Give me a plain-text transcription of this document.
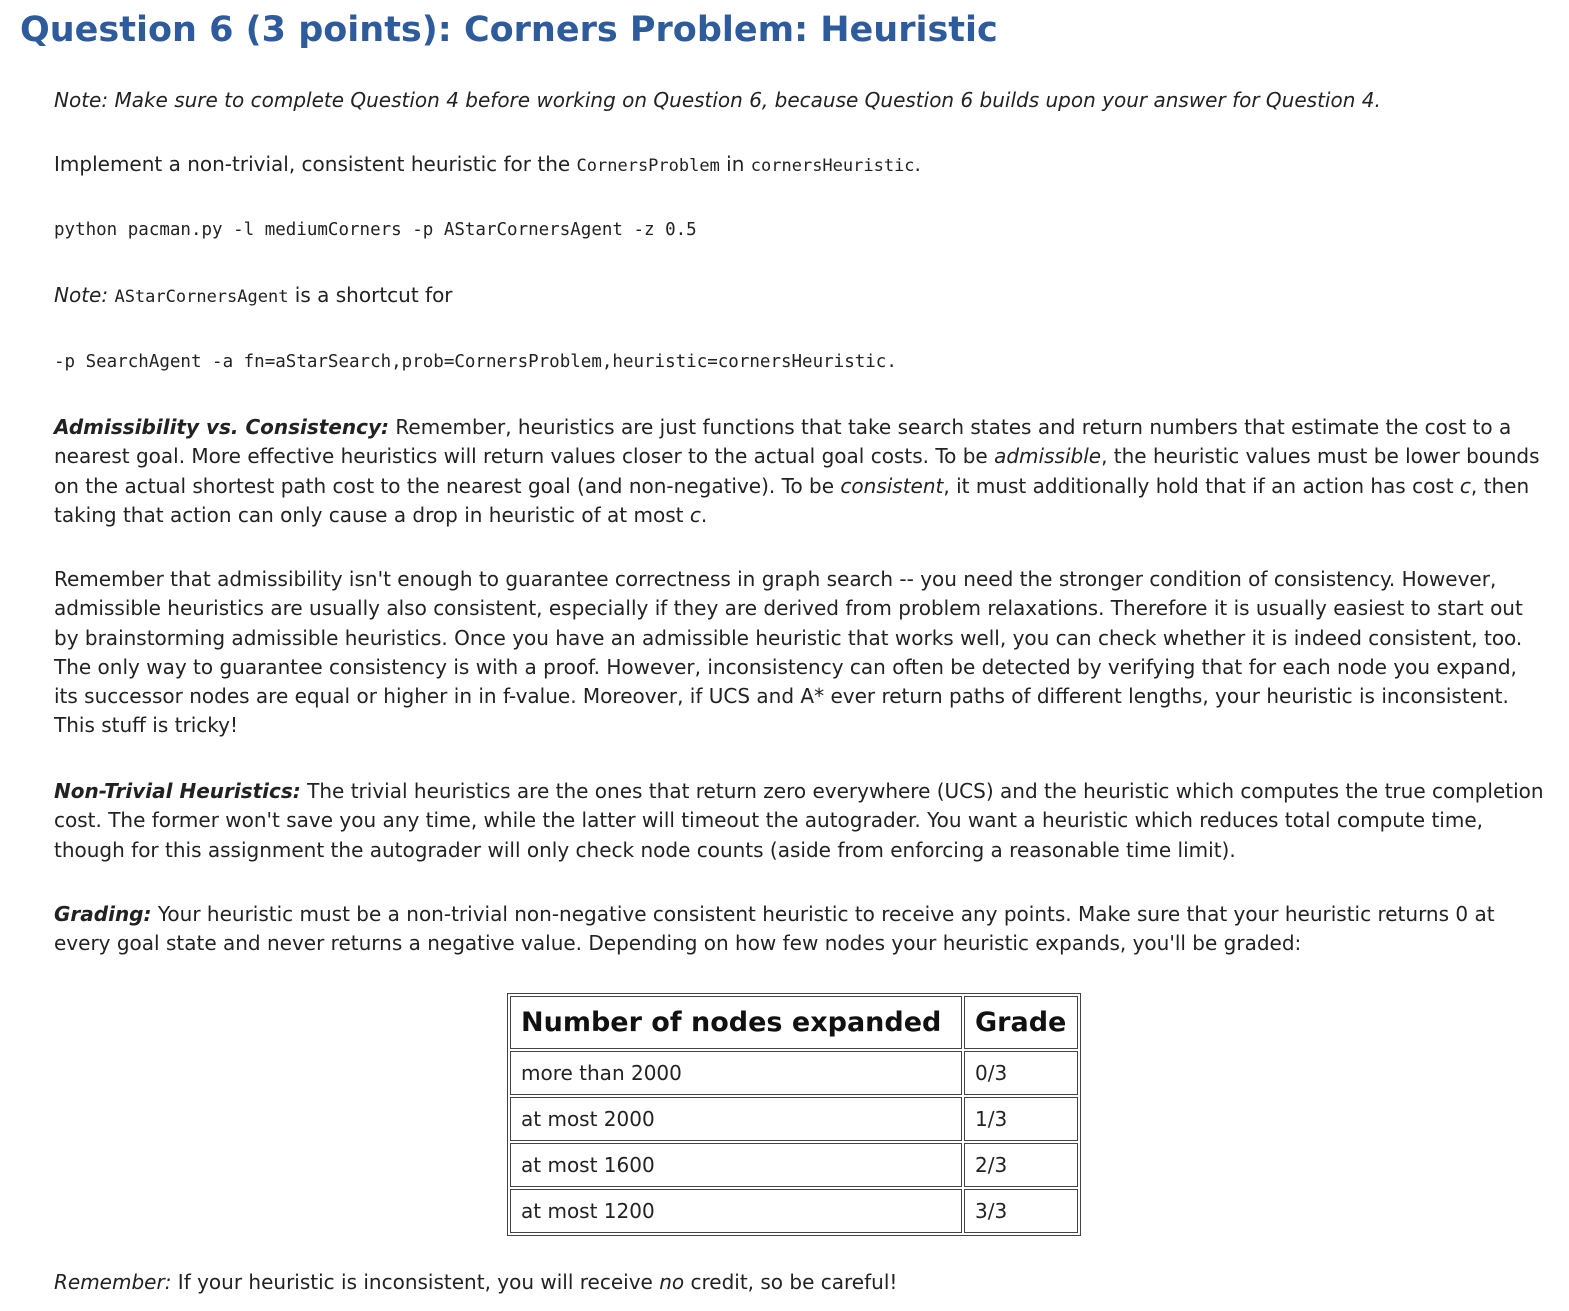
Question 6 (3 points): Corners Problem: Heuristic
Note: Make sure to complete Question 4 before working on Question 6, because Question 6 builds upon your answer for Question 4.
Implement a non-trivial, consistent heuristic for the CornersProblem in cornersHeuristic.
python pacman.py -l mediumCorners -p AStarCornersAgent -z 0.5
Note: AStarCornersAgent is a shortcut for
-p SearchAgent -a fn=aStarSearch,prob=CornersProblem,heuristic=cornersHeuristic.
Admissibility vs. Consistency: Remember, heuristics are just functions that take search states and return numbers that estimate the cost to a nearest goal. More effective heuristics will return values closer to the actual goal costs. To be admissible, the heuristic values must be lower bounds on the actual shortest path cost to the nearest goal (and non-negative). To be consistent, it must additionally hold that if an action has cost c, then taking that action can only cause a drop in heuristic of at most c.
Remember that admissibility isn't enough to guarantee correctness in graph search -- you need the stronger condition of consistency. However, admissible heuristics are usually also consistent, especially if they are derived from problem relaxations. Therefore it is usually easiest to start out by brainstorming admissible heuristics. Once you have an admissible heuristic that works well, you can check whether it is indeed consistent, too. The only way to guarantee consistency is with a proof. However, inconsistency can often be detected by verifying that for each node you expand, its successor nodes are equal or higher in in f-value. Moreover, if UCS and A* ever return paths of different lengths, your heuristic is inconsistent. This stuff is tricky!
Non-Trivial Heuristics: The trivial heuristics are the ones that return zero everywhere (UCS) and the heuristic which computes the true completion cost. The former won't save you any time, while the latter will timeout the autograder. You want a heuristic which reduces total compute time, though for this assignment the autograder will only check node counts (aside from enforcing a reasonable time limit).
Grading: Your heuristic must be a non-trivial non-negative consistent heuristic to receive any points. Make sure that your heuristic returns 0 at every goal state and never returns a negative value. Depending on how few nodes your heuristic expands, you'll be graded:
Number of nodes expanded	Grade
more than 2000	0/3
at most 2000	1/3
at most 1600	2/3
at most 1200	3/3
Remember: If your heuristic is inconsistent, you will receive no credit, so be careful!
